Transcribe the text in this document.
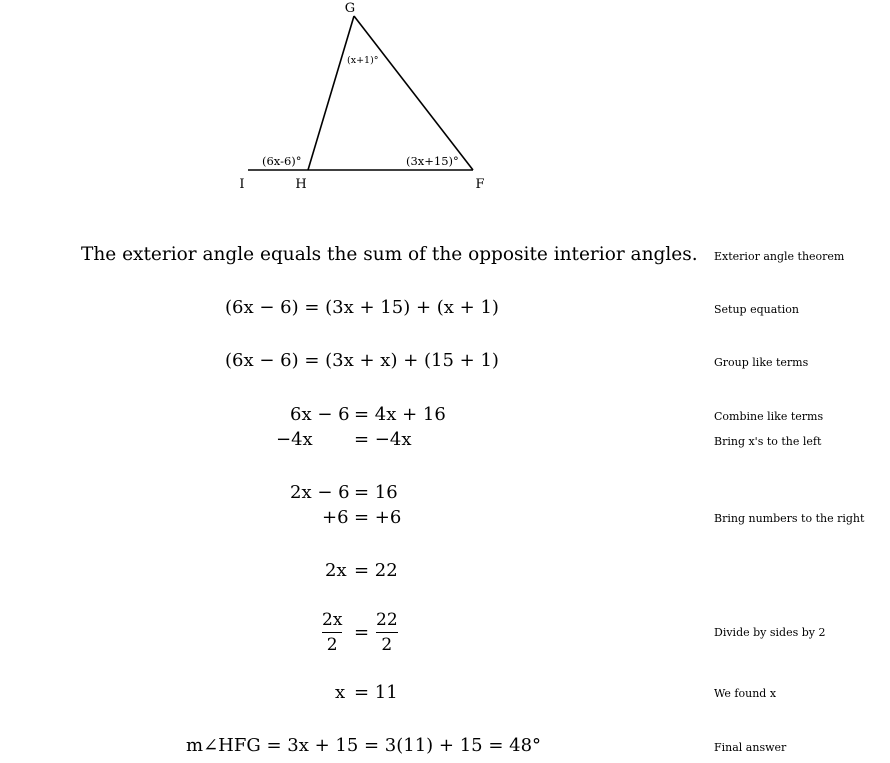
G
H	F
I
(x+1)°
(6x-6)°	(3x+15)°
The exterior angle equals the sum of the opposite interior angles.
(6x − 6) = (3x + 15) + (x + 1)
(6x − 6) = (3x + x) + (15 + 1)
6x − 6 = 4x + 16
−4x = −4x
2x − 6 = 16
+6 = +6
2x = 22
2x
2
=
22
2
x = 11
m∠HFG = 3x + 15 = 3(11) + 15 = 48°
Exterior angle theorem
Setup equation
Group like terms
Combine like terms
Bring x's to the left
Bring numbers to the right
Divide by sides by 2
We found x
Final answer
